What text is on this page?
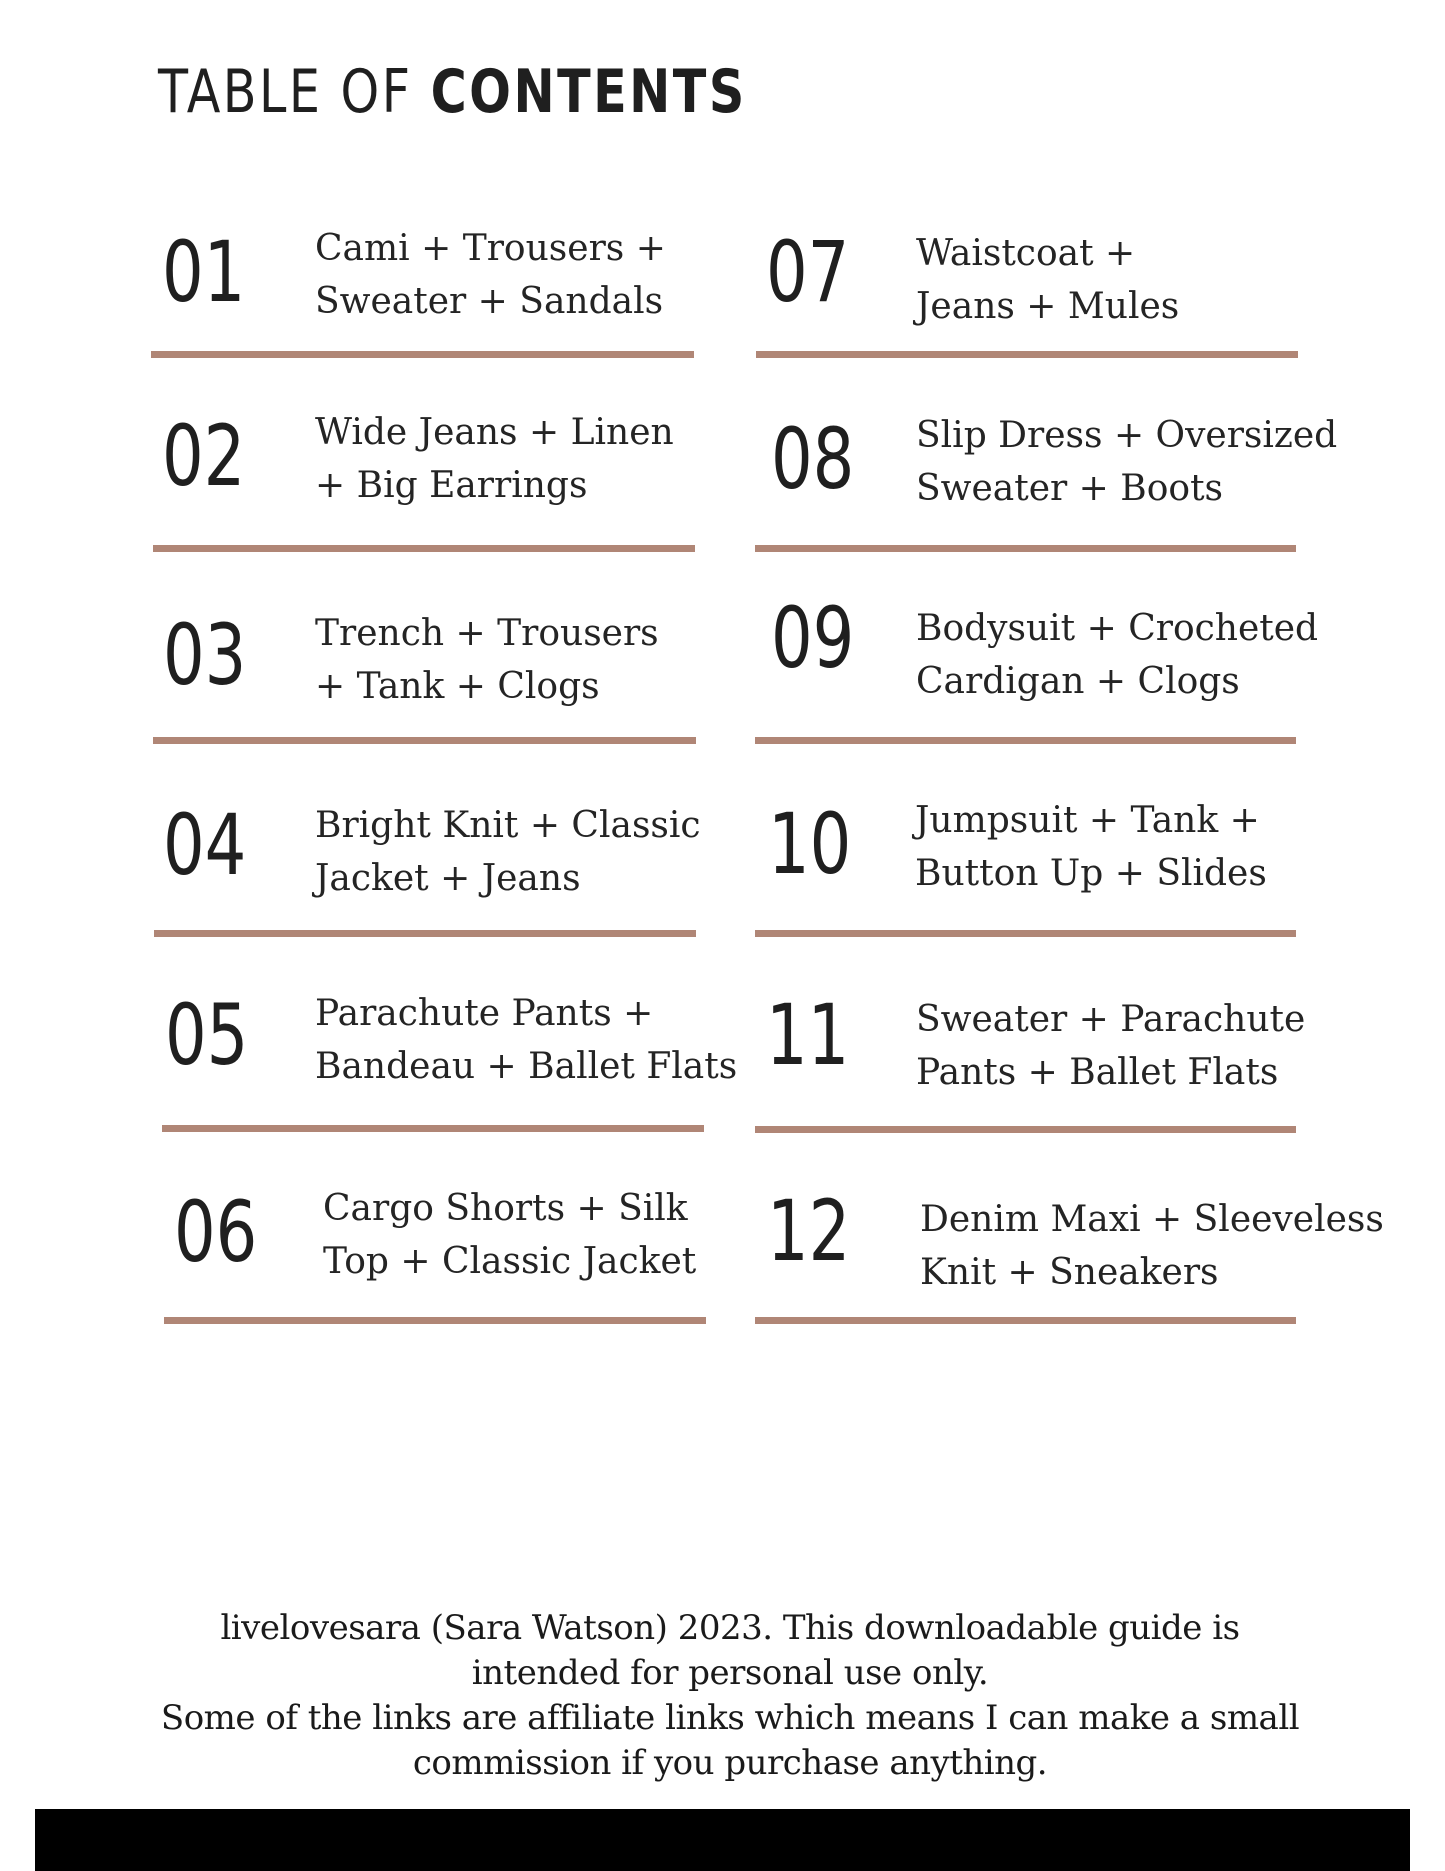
TABLE OF CONTENTS
01 Cami + Trousers +
Sweater + Sandals
02 Wide Jeans + Linen
+ Big Earrings
03 Trench + Trousers
+ Tank + Clogs
04 Bright Knit + Classic
Jacket + Jeans
05 Parachute Pants +
Bandeau + Ballet Flats
06 Cargo Shorts + Silk
Top + Classic Jacket
07 Waistcoat +
Jeans + Mules
08 Slip Dress + Oversized
Sweater + Boots
09 Bodysuit + Crocheted
Cardigan + Clogs
10 Jumpsuit + Tank +
Button Up + Slides
11 Sweater + Parachute
Pants + Ballet Flats
12 Denim Maxi + Sleeveless
Knit + Sneakers
livelovesara (Sara Watson) 2023. This downloadable guide is
intended for personal use only.
Some of the links are affiliate links which means I can make a small
commission if you purchase anything.
